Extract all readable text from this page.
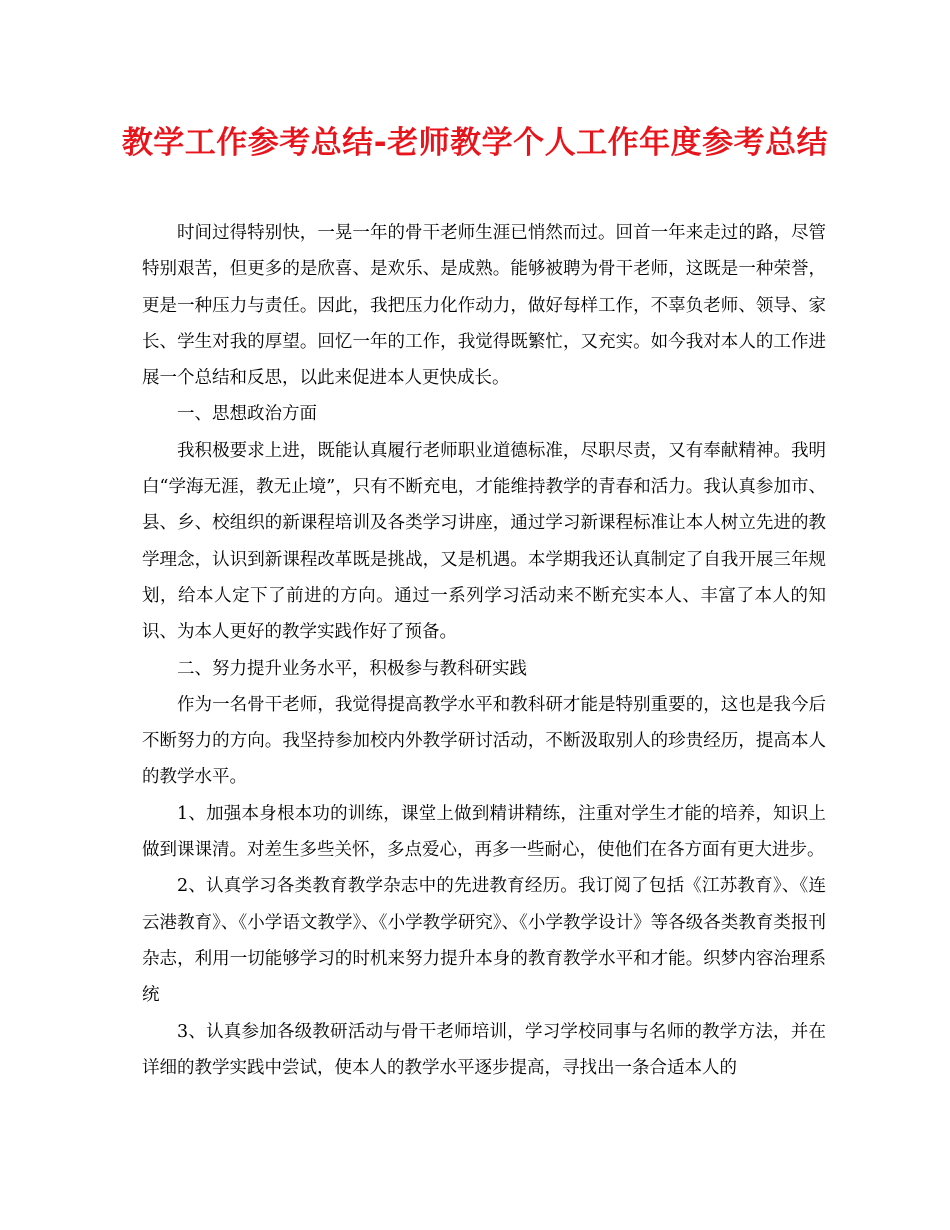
教学工作参考总结-老师教学个人工作年度参考总结

时间过得特别快，一晃一年的骨干老师生涯已悄然而过。回首一年来走过的路，尽管特别艰苦，但更多的是欣喜、是欢乐、是成熟。能够被聘为骨干老师，这既是一种荣誉，更是一种压力与责任。因此，我把压力化作动力，做好每样工作，不辜负老师、领导、家长、学生对我的厚望。回忆一年的工作，我觉得既繁忙，又充实。如今我对本人的工作进展一个总结和反思，以此来促进本人更快成长。

一、思想政治方面

我积极要求上进，既能认真履行老师职业道德标准，尽职尽责，又有奉献精神。我明白“学海无涯，教无止境”，只有不断充电，才能维持教学的青春和活力。我认真参加市、县、乡、校组织的新课程培训及各类学习讲座，通过学习新课程标准让本人树立先进的教学理念，认识到新课程改革既是挑战，又是机遇。本学期我还认真制定了自我开展三年规划，给本人定下了前进的方向。通过一系列学习活动来不断充实本人、丰富了本人的知识、为本人更好的教学实践作好了预备。

二、努力提升业务水平，积极参与教科研实践

作为一名骨干老师，我觉得提高教学水平和教科研才能是特别重要的，这也是我今后不断努力的方向。我坚持参加校内外教学研讨活动，不断汲取别人的珍贵经历，提高本人的教学水平。

1、加强本身根本功的训练，课堂上做到精讲精练，注重对学生才能的培养，知识上做到课课清。对差生多些关怀，多点爱心，再多一些耐心，使他们在各方面有更大进步。

2、认真学习各类教育教学杂志中的先进教育经历。我订阅了包括《江苏教育》、《连云港教育》、《小学语文教学》、《小学教学研究》、《小学教学设计》等各级各类教育类报刊杂志，利用一切能够学习的时机来努力提升本身的教育教学水平和才能。织梦内容治理系统

3、认真参加各级教研活动与骨干老师培训，学习学校同事与名师的教学方法，并在详细的教学实践中尝试，使本人的教学水平逐步提高，寻找出一条合适本人的
